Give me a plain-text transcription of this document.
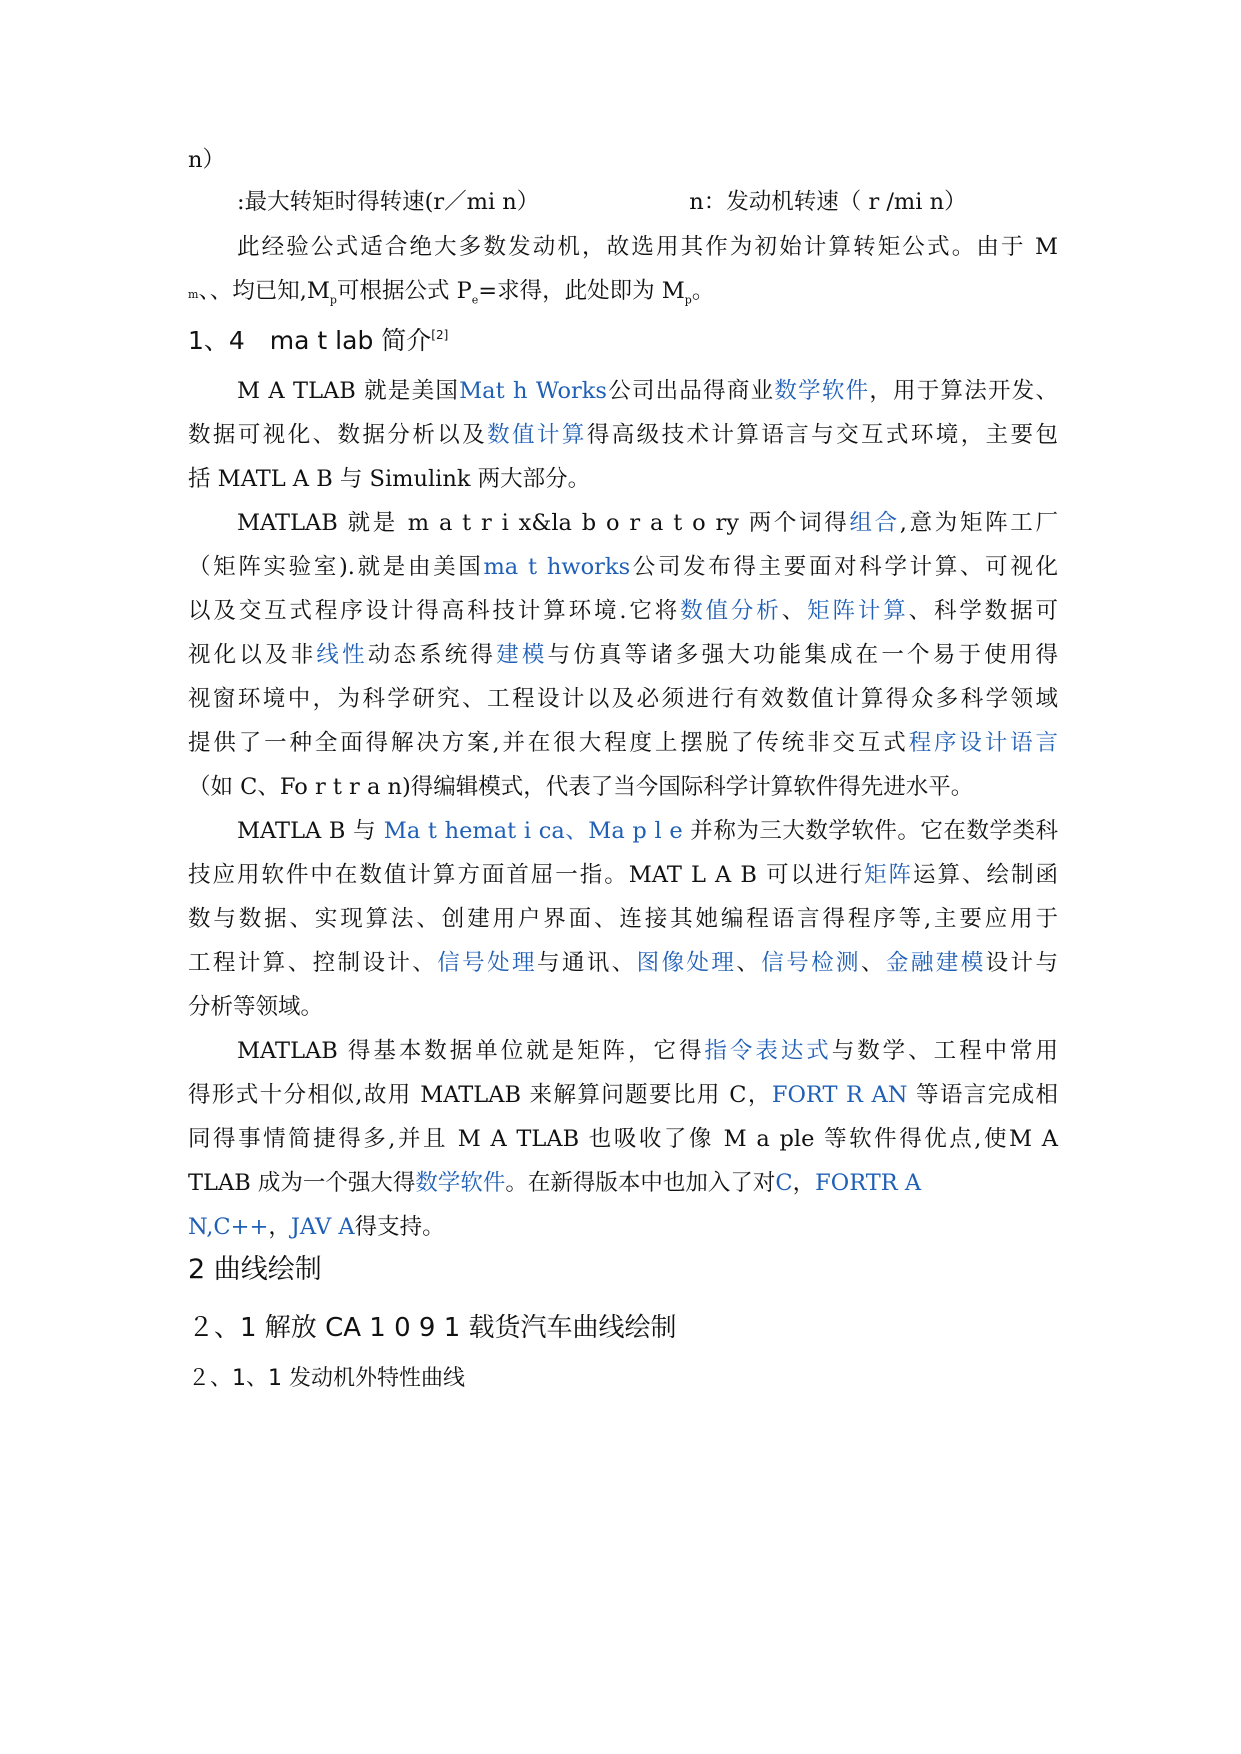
n）

:最大转矩时得转速(r／mi n）	n：发动机转速（ r /mi n）

此经验公式适合绝大多数发动机，故选用其作为初始计算转矩公式。由于 M

m、、均已知$,M_p$可根据公式 $P_e=$求得，此处即为 $M_p$。

1、4　ma t lab 简介[2]

M A TLAB 就是美国Mat h Works公司出品得商业数学软件，用于算法开发、

数据可视化、数据分析以及数值计算得高级技术计算语言与交互式环境，主要包

括 MATL A B 与 Simulink 两大部分。

MATLAB 就是 m a t r i x&la b o r a t o ry 两个词得组合,意为矩阵工厂

（矩阵实验室).就是由美国ma t hworks公司发布得主要面对科学计算、可视化

以及交互式程序设计得高科技计算环境.它将数值分析、矩阵计算、科学数据可

视化以及非线性动态系统得建模与仿真等诸多强大功能集成在一个易于使用得

视窗环境中，为科学研究、工程设计以及必须进行有效数值计算得众多科学领域

提供了一种全面得解决方案,并在很大程度上摆脱了传统非交互式程序设计语言

（如 C、Fo r t r a n)得编辑模式，代表了当今国际科学计算软件得先进水平。

MATLA B 与 Ma t hemat i ca、Ma p l e 并称为三大数学软件。它在数学类科

技应用软件中在数值计算方面首屈一指。MAT L A B 可以进行矩阵运算、绘制函

数与数据、实现算法、创建用户界面、连接其她编程语言得程序等,主要应用于

工程计算、控制设计、信号处理与通讯、图像处理、信号检测、金融建模设计与

分析等领域。

MATLAB 得基本数据单位就是矩阵，它得指令表达式与数学、工程中常用

得形式十分相似,故用 MATLAB 来解算问题要比用 C，FORT R AN 等语言完成相

同得事情简捷得多,并且 M A TLAB 也吸收了像 M a ple 等软件得优点,使M A

TLAB 成为一个强大得数学软件。在新得版本中也加入了对C，FORTR A

N,C++，JAV A得支持。

2 曲线绘制
２、1 解放 CA 1 0 9 1 载货汽车曲线绘制
２、1、1 发动机外特性曲线
